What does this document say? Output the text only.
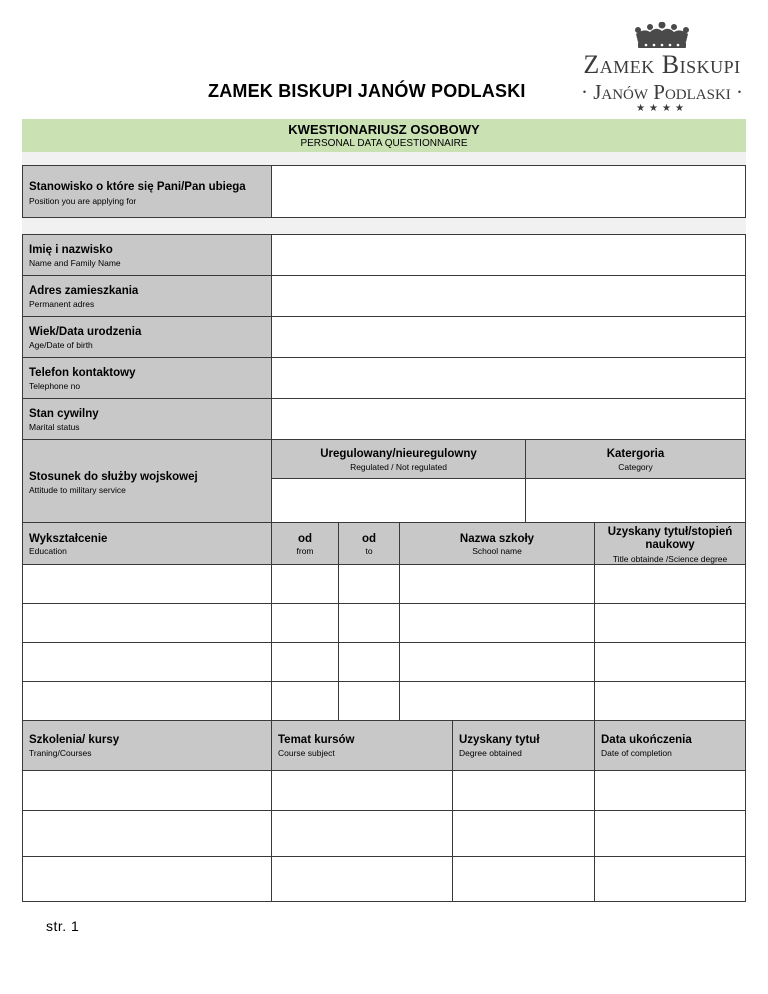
ZAMEK BISKUPI JANÓW PODLASKI
Zamek Biskupi
· Janów Podlaski ·
★★★★
KWESTIONARIUSZ OSOBOWY
PERSONAL DATA QUESTIONNAIRE
Stanowisko o które się Pani/Pan ubiega
Position you are applying for
Imię i nazwisko
Name and Family Name
Adres zamieszkania
Permanent adres
Wiek/Data urodzenia
Age/Date of birth
Telefon kontaktowy
Telephone no
Stan cywilny
Marital status
Stosunek do służby wojskowej
Attitude to military service
Uregulowany/nieuregulowny
Regulated / Not regulated
Katergoria
Category
Wykształcenie
Education
od
from
od
to
Nazwa szkoły
School name
Uzyskany tytuł/stopień naukowy
Title obtainde /Science degree
Szkolenia/ kursy
Traning/Courses
Temat kursów
Course subject
Uzyskany tytuł
Degree obtained
Data ukończenia
Date of completion
str. 1
